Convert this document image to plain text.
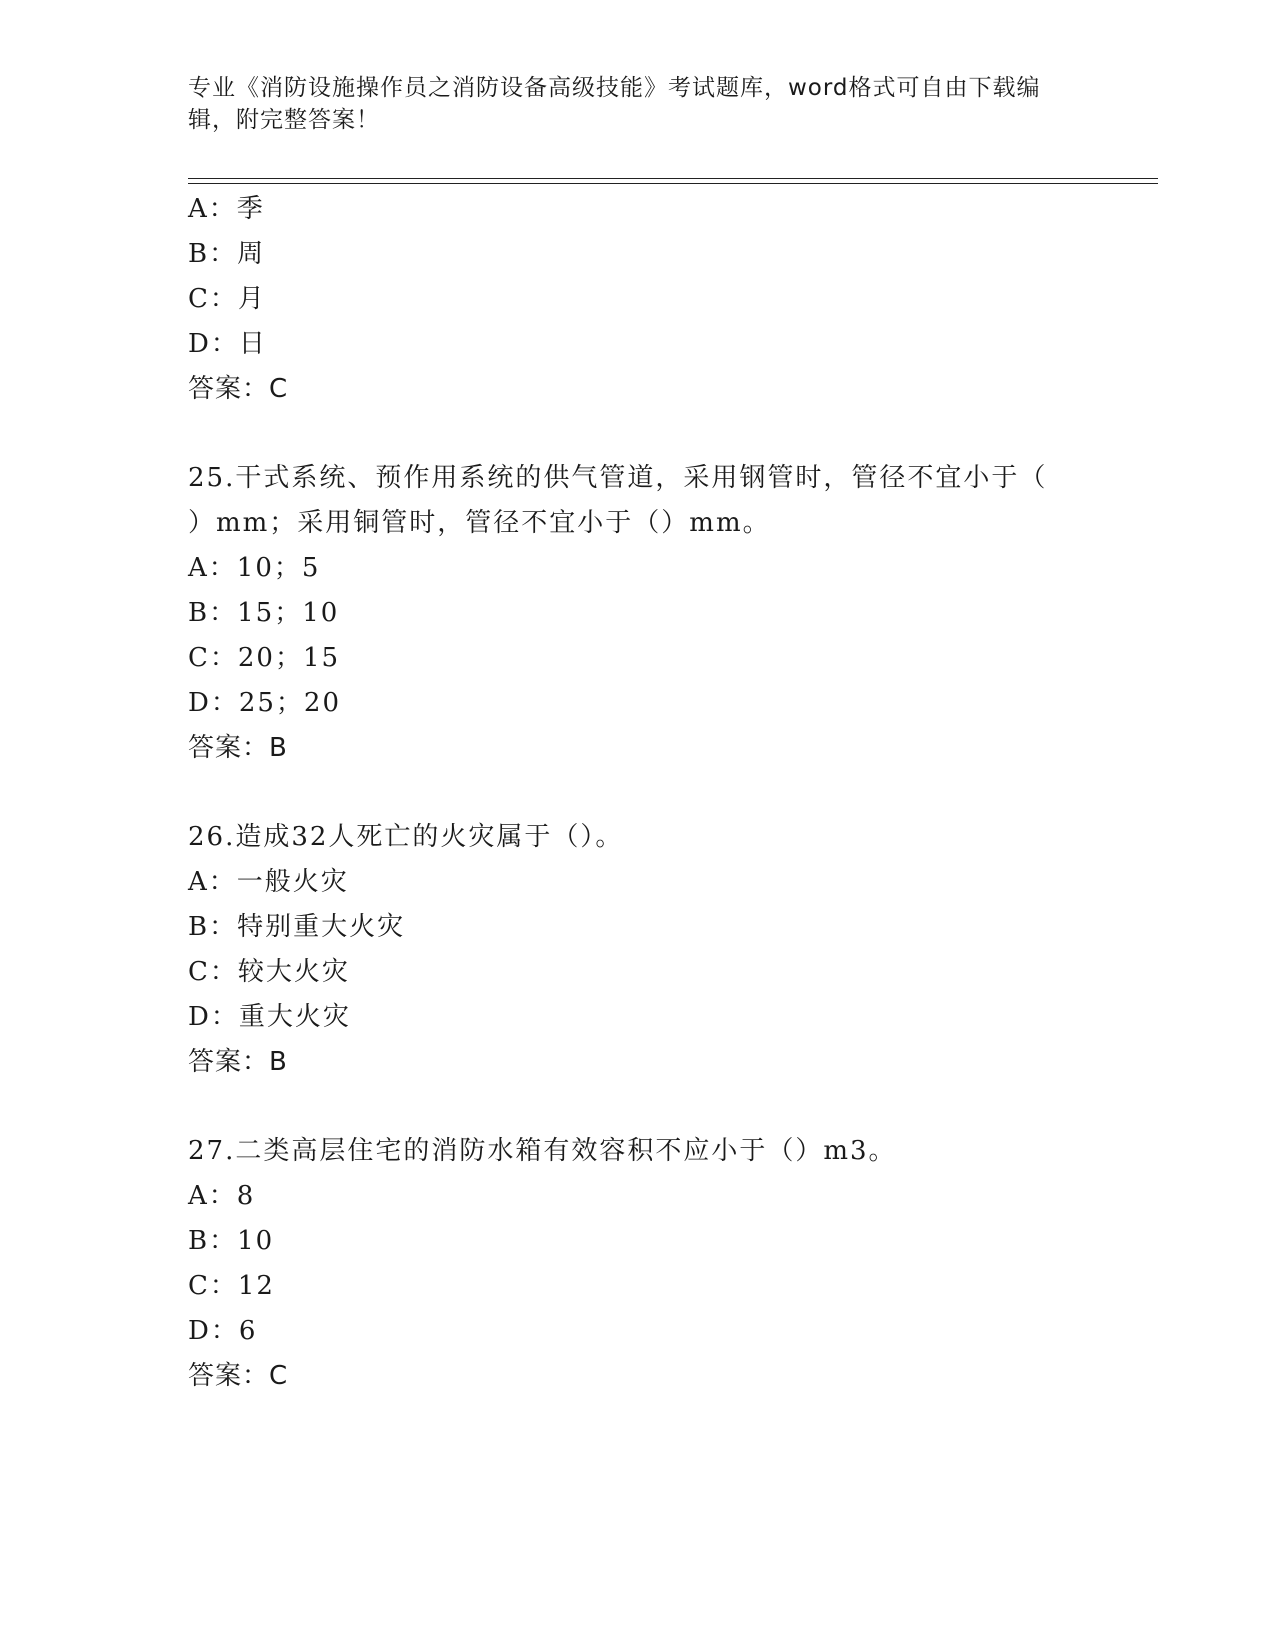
专业《消防设施操作员之消防设备高级技能》考试题库，word格式可自由下载编
辑，附完整答案！
A：季
B：周
C：月
D：日
答案：C
25.干式系统、预作用系统的供气管道，采用钢管时，管径不宜小于（
）mm；采用铜管时，管径不宜小于（）mm。
A：10；5
B：15；10
C：20；15
D：25；20
答案：B
26.造成32人死亡的火灾属于（）。
A：一般火灾
B：特别重大火灾
C：较大火灾
D：重大火灾
答案：B
27.二类高层住宅的消防水箱有效容积不应小于（）m3。
A：8
B：10
C：12
D：6
答案：C
